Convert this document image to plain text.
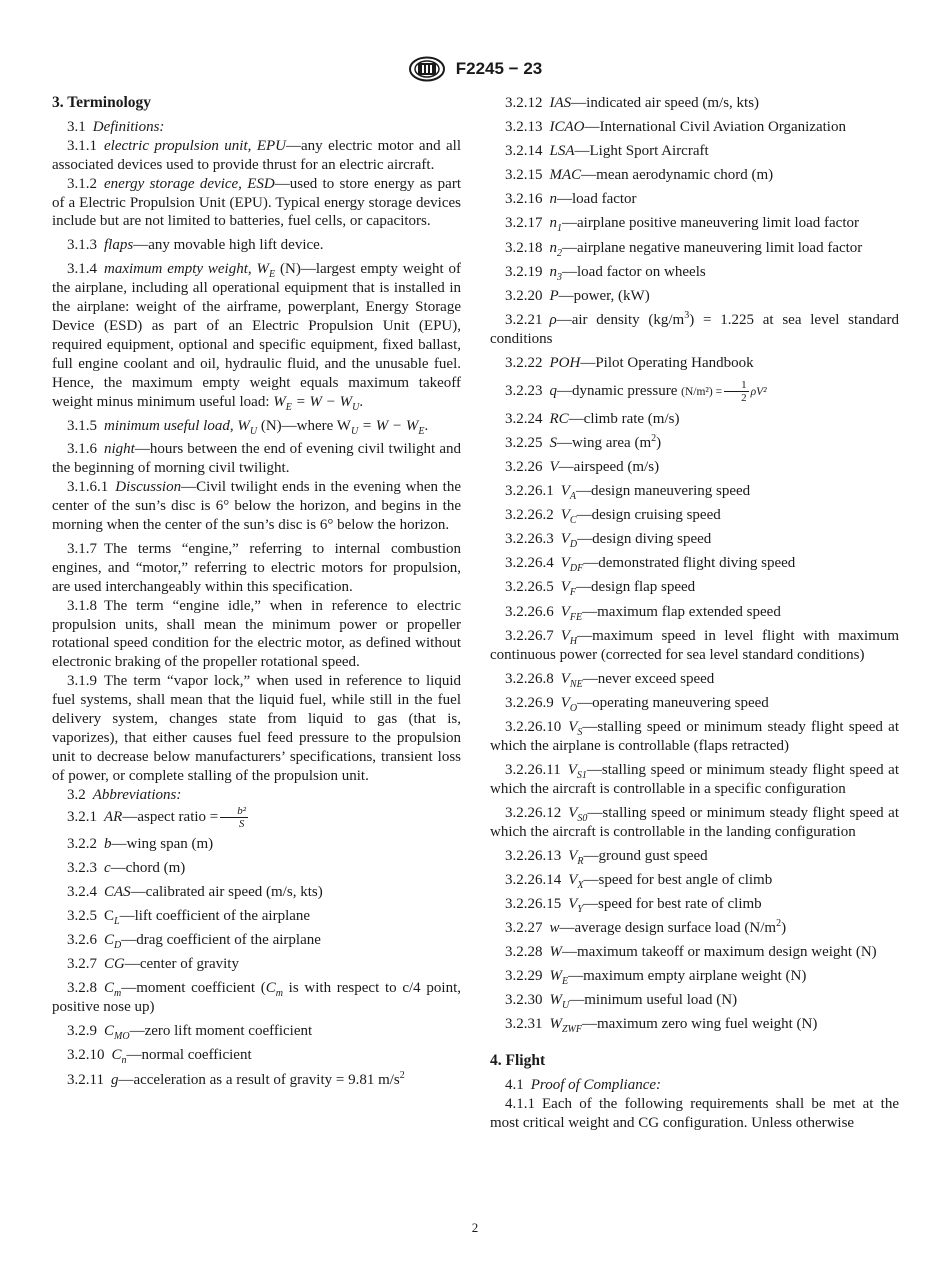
F2245 − 23

3. Terminology

3.1 Definitions:

3.1.1 electric propulsion unit, EPU—any electric motor and all associated devices used to provide thrust for an electric aircraft.

3.1.2 energy storage device, ESD—used to store energy as part of a Electric Propulsion Unit (EPU). Typical energy storage devices include but are not limited to batteries, fuel cells, or capacitors.

3.1.3 flaps—any movable high lift device.

3.1.4 maximum empty weight, $W_E$ (N)—largest empty weight of the airplane, including all operational equipment that is installed in the airplane: weight of the airframe, powerplant, Energy Storage Device (ESD) as part of an Electric Propulsion Unit (EPU), required equipment, optional and specific equipment, fixed ballast, full engine coolant and oil, hydraulic fluid, and the unusable fuel. Hence, the maximum empty weight equals maximum takeoff weight minus minimum useful load: $W_E = W - W_U$.

3.1.5 minimum useful load, $W_U$ (N)—where $W_U = W - W_E$.

3.1.6 night—hours between the end of evening civil twilight and the beginning of morning civil twilight.

3.1.6.1 Discussion—Civil twilight ends in the evening when the center of the sun’s disc is 6° below the horizon, and begins in the morning when the center of the sun’s disc is 6° below the horizon.

3.1.7 The terms “engine,” referring to internal combustion engines, and “motor,” referring to electric motors for propulsion, are used interchangeably within this specification.

3.1.8 The term “engine idle,” when in reference to electric propulsion units, shall mean the minimum power or propeller rotational speed condition for the electric motor, as defined without electronic braking of the propeller rotational speed.

3.1.9 The term “vapor lock,” when used in reference to liquid fuel systems, shall mean that the liquid fuel, while still in the fuel delivery system, changes state from liquid to gas (that is, vaporizes), that either causes fuel feed pressure to the propulsion unit to decrease below manufacturers’ specifications, transient loss of power, or complete stalling of the propulsion unit.

3.2 Abbreviations:

3.2.1 AR—aspect ratio = $\frac{\text{b²}}{S}$

3.2.2 b—wing span (m)

3.2.3 c—chord (m)

3.2.4 CAS—calibrated air speed (m/s, kts)

3.2.5 $C_L—lift$ coefficient of the airplane

3.2.6 $C_D—drag$ coefficient of the airplane

3.2.7 CG—center of gravity

3.2.8 $C_m—moment$ coefficient ($C_m$ is with respect to c/4 point, positive nose up)

3.2.9 $C_{MO}—zero$ lift moment coefficient

3.2.10 $C_n—normal$ coefficient

3.2.11 g—acceleration as a result of gravity = 9.81 $m/s^2$

3.2.12 IAS—indicated air speed (m/s, kts)

3.2.13 ICAO—International Civil Aviation Organization

3.2.14 LSA—Light Sport Aircraft

3.2.15 MAC—mean aerodynamic chord (m)

3.2.16 n—load factor

3.2.17 $n_1—airplane$ positive maneuvering limit load factor

3.2.18 $n_2—airplane$ negative maneuvering limit load factor

3.2.19 $n_3—load$ factor on wheels

3.2.20 P—power, (kW)

3.2.21 ρ—air density $(kg/m^3) = 1.225$ at sea level standard conditions

3.2.22 POH—Pilot Operating Handbook

3.2.23 q—dynamic pressure $(N/m^2) = \frac{1}{2} \rho V^2$

3.2.24 RC—climb rate (m/s)

3.2.25 S—wing area $(m^2)$

3.2.26 V—airspeed (m/s)

3.2.26.1 $V_A—design$ maneuvering speed

3.2.26.2 $V_C—design$ cruising speed

3.2.26.3 $V_D—design$ diving speed

3.2.26.4 $V_{DF}—demonstrated$ flight diving speed

3.2.26.5 $V_F—design$ flap speed

3.2.26.6 $V_{FE}—maximum$ flap extended speed

3.2.26.7 $V_H—maximum$ speed in level flight with maximum continuous power (corrected for sea level standard conditions)

3.2.26.8 $V_{NE}—never$ exceed speed

3.2.26.9 $V_O—operating$ maneuvering speed

3.2.26.10 $V_S—stalling$ speed or minimum steady flight speed at which the airplane is controllable (flaps retracted)

3.2.26.11 $V_{S1}—stalling$ speed or minimum steady flight speed at which the aircraft is controllable in a specific configuration

3.2.26.12 $V_{S0}—stalling$ speed or minimum steady flight speed at which the aircraft is controllable in the landing configuration

3.2.26.13 $V_R—ground$ gust speed

3.2.26.14 $V_X—speed$ for best angle of climb

3.2.26.15 $V_Y—speed$ for best rate of climb

3.2.27 w—average design surface load $(N/m^2)$

3.2.28 W—maximum takeoff or maximum design weight (N)

3.2.29 $W_E—maximum$ empty airplane weight (N)

3.2.30 $W_U—minimum$ useful load (N)

3.2.31 $W_{ZWF}—maximum$ zero wing fuel weight (N)

4. Flight

4.1 Proof of Compliance:

4.1.1 Each of the following requirements shall be met at the most critical weight and CG configuration. Unless otherwise

2
